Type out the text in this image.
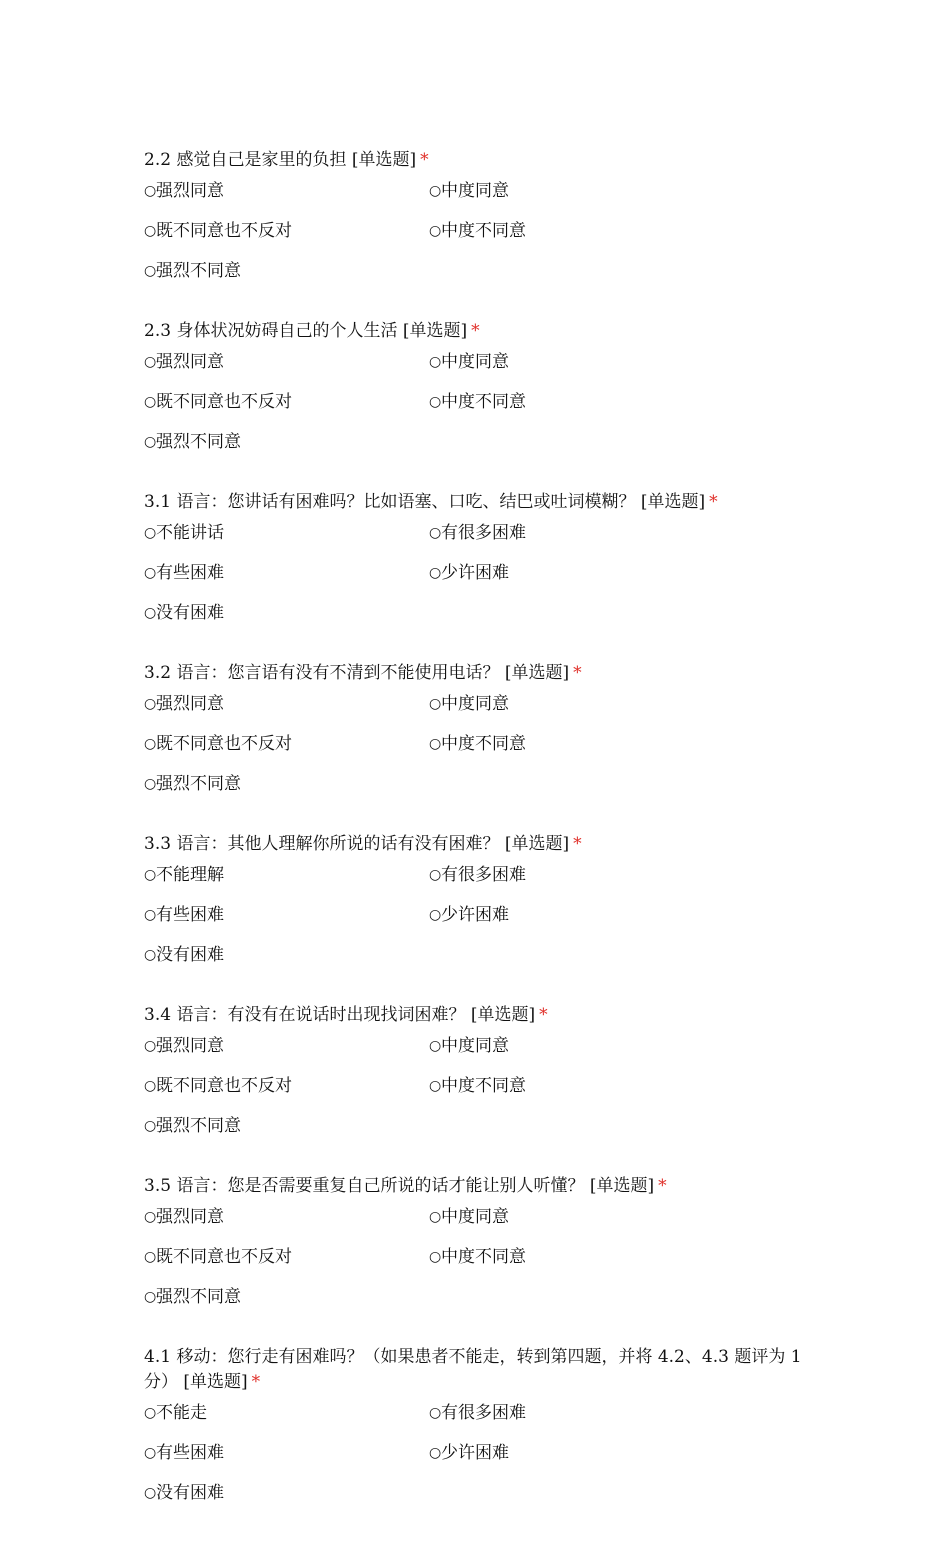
2.2 感觉自己是家里的负担 [单选题] *

○ 强烈同意	○ 中度同意
○ 既不同意也不反对	○ 中度不同意
○ 强烈不同意

2.3 身体状况妨碍自己的个人生活 [单选题] *

○ 强烈同意	○ 中度同意
○ 既不同意也不反对	○ 中度不同意
○ 强烈不同意

3.1 语言：您讲话有困难吗？比如语塞、口吃、结巴或吐词模糊？ [单选题] *

○ 不能讲话	○ 有很多困难
○ 有些困难	○ 少许困难
○ 没有困难

3.2 语言：您言语有没有不清到不能使用电话？ [单选题] *

○ 强烈同意	○ 中度同意
○ 既不同意也不反对	○ 中度不同意
○ 强烈不同意

3.3 语言：其他人理解你所说的话有没有困难？ [单选题] *

○ 不能理解	○ 有很多困难
○ 有些困难	○ 少许困难
○ 没有困难

3.4 语言：有没有在说话时出现找词困难？ [单选题] *

○ 强烈同意	○ 中度同意
○ 既不同意也不反对	○ 中度不同意
○ 强烈不同意

3.5 语言：您是否需要重复自己所说的话才能让别人听懂？ [单选题] *

○ 强烈同意	○ 中度同意
○ 既不同意也不反对	○ 中度不同意
○ 强烈不同意

4.1 移动：您行走有困难吗？（如果患者不能走，转到第四题，并将 4.2、4.3 题评为 1 分） [单选题] *

○ 不能走	○ 有很多困难
○ 有些困难	○ 少许困难
○ 没有困难
